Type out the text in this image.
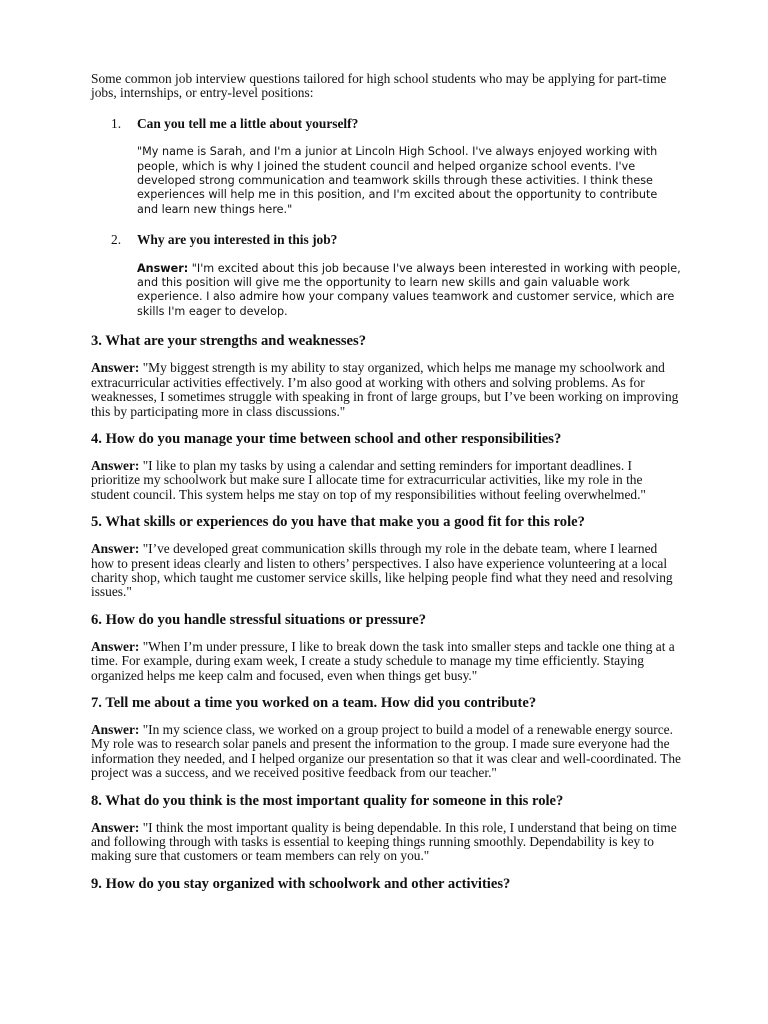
Some common job interview questions tailored for high school students who may be applying for part-time jobs, internships, or entry-level positions:

1.	Can you tell me a little about yourself?

"My name is Sarah, and I'm a junior at Lincoln High School. I've always enjoyed working with people, which is why I joined the student council and helped organize school events. I've developed strong communication and teamwork skills through these activities. I think these experiences will help me in this position, and I'm excited about the opportunity to contribute and learn new things here."

2.	Why are you interested in this job?

Answer: "I'm excited about this job because I've always been interested in working with people, and this position will give me the opportunity to learn new skills and gain valuable work experience. I also admire how your company values teamwork and customer service, which are skills I'm eager to develop.

3. What are your strengths and weaknesses?

Answer: "My biggest strength is my ability to stay organized, which helps me manage my schoolwork and extracurricular activities effectively. I’m also good at working with others and solving problems. As for weaknesses, I sometimes struggle with speaking in front of large groups, but I’ve been working on improving this by participating more in class discussions."

4. How do you manage your time between school and other responsibilities?

Answer: "I like to plan my tasks by using a calendar and setting reminders for important deadlines. I prioritize my schoolwork but make sure I allocate time for extracurricular activities, like my role in the student council. This system helps me stay on top of my responsibilities without feeling overwhelmed."

5. What skills or experiences do you have that make you a good fit for this role?

Answer: "I’ve developed great communication skills through my role in the debate team, where I learned how to present ideas clearly and listen to others’ perspectives. I also have experience volunteering at a local charity shop, which taught me customer service skills, like helping people find what they need and resolving issues."

6. How do you handle stressful situations or pressure?

Answer: "When I’m under pressure, I like to break down the task into smaller steps and tackle one thing at a time. For example, during exam week, I create a study schedule to manage my time efficiently. Staying organized helps me keep calm and focused, even when things get busy."

7. Tell me about a time you worked on a team. How did you contribute?

Answer: "In my science class, we worked on a group project to build a model of a renewable energy source. My role was to research solar panels and present the information to the group. I made sure everyone had the information they needed, and I helped organize our presentation so that it was clear and well-coordinated. The project was a success, and we received positive feedback from our teacher."

8. What do you think is the most important quality for someone in this role?

Answer: "I think the most important quality is being dependable. In this role, I understand that being on time and following through with tasks is essential to keeping things running smoothly. Dependability is key to making sure that customers or team members can rely on you."

9. How do you stay organized with schoolwork and other activities?
